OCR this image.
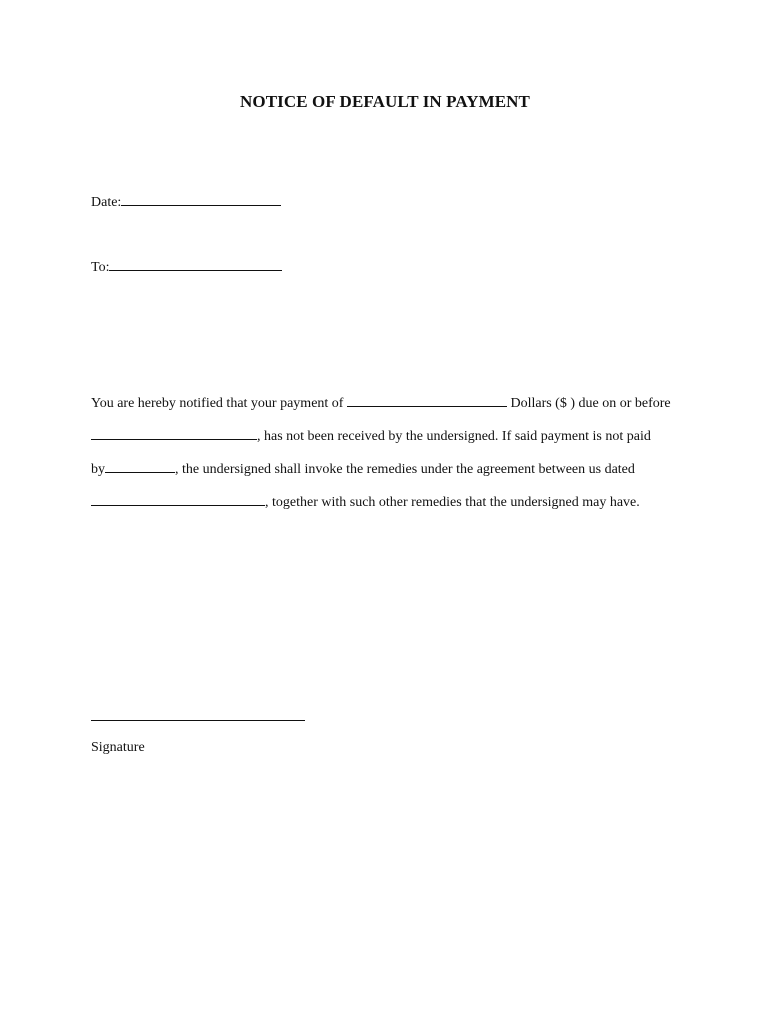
NOTICE OF DEFAULT IN PAYMENT
Date:
To:
You are hereby notified that your payment of	Dollars ($ ) due on or before
, has not been received by the undersigned. If said payment is not paid
by	, the undersigned shall invoke the remedies under the agreement between us dated
, together with such other remedies that the undersigned may have.
Signature
